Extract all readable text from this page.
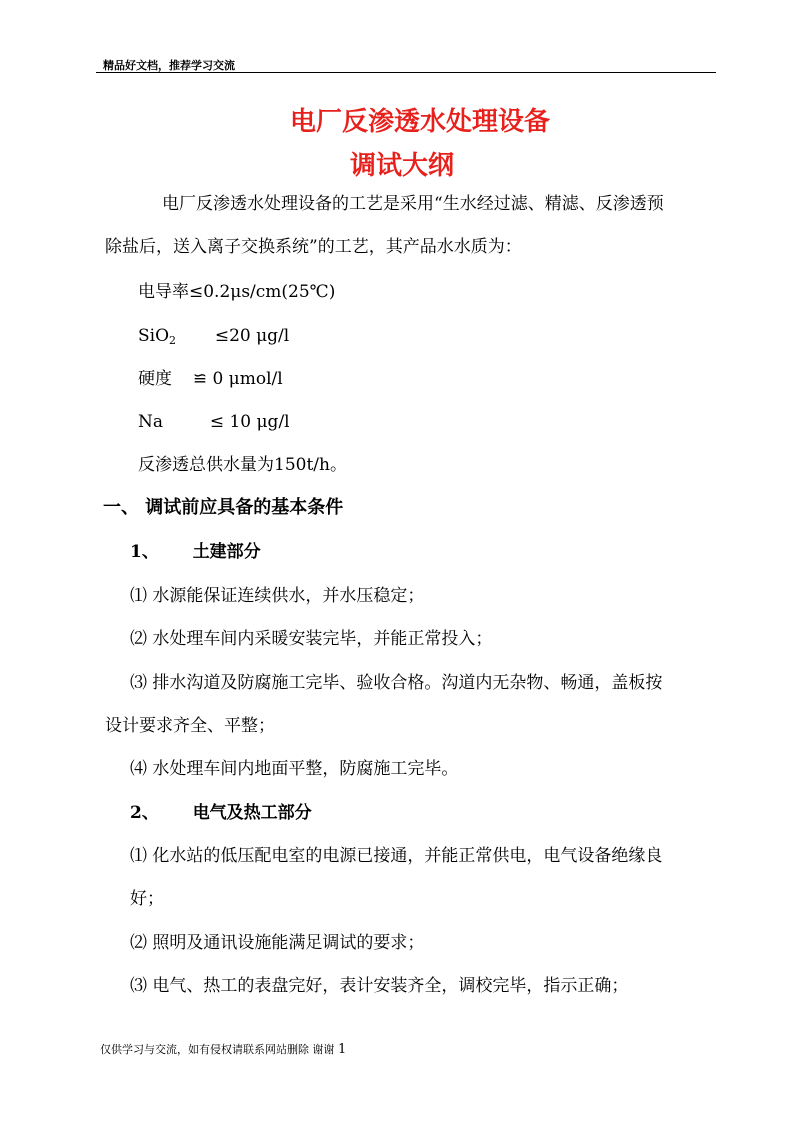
精品好文档，推荐学习交流
电厂反渗透水处理设备
调试大纲
电厂反渗透水处理设备的工艺是采用“生水经过滤、精滤、反渗透预
除盐后，送入离子交换系统”的工艺，其产品水水质为：
电导率≤0.2μs/cm(25℃)
SiO$_2$ ≤20 μg/l
硬度 ≌ 0 μmol/l
Na	≤ 10 μg/l
反渗透总供水量为150t/h。
一、 调试前应具备的基本条件
1、 土建部分
⑴ 水源能保证连续供水，并水压稳定；
⑵ 水处理车间内采暖安装完毕，并能正常投入；
⑶ 排水沟道及防腐施工完毕、验收合格。沟道内无杂物、畅通，盖板按
设计要求齐全、平整；
⑷ 水处理车间内地面平整，防腐施工完毕。
2、 电气及热工部分
⑴ 化水站的低压配电室的电源已接通，并能正常供电，电气设备绝缘良
好；
⑵ 照明及通讯设施能满足调试的要求；
⑶ 电气、热工的表盘完好，表计安装齐全，调校完毕，指示正确；
仅供学习与交流，如有侵权请联系网站删除 谢谢 1
